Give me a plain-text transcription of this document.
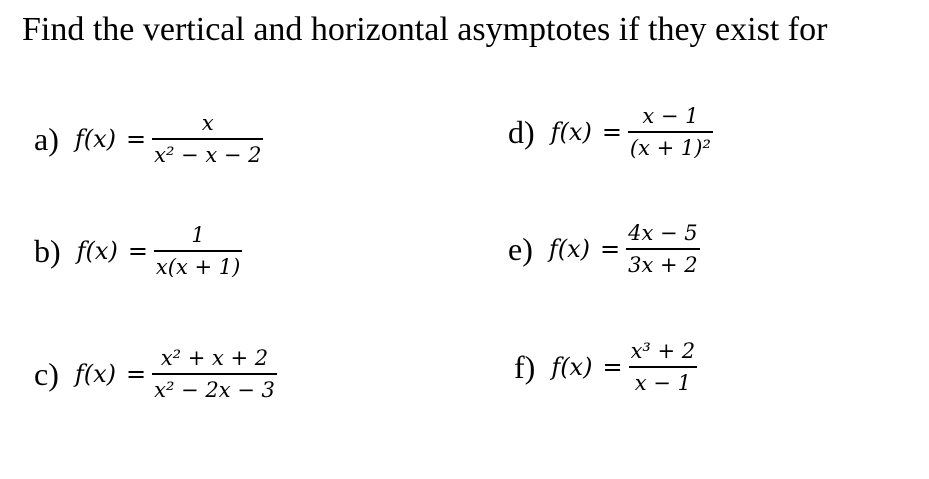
Find the vertical and horizontal asymptotes if they exist for
a) $f(x) = \frac{x}{\text{x² − x − 2}}$
b) $f(x) = \frac{1}{x(x + 1)}$
c) $f(x) = \frac{\text{x² + x + 2}}{\text{x² − 2x − 3}}$
d) $f(x) = \frac{x - 1}{\text{(x + 1)²}}$
e) $f(x) = \frac{4x - 5}{3x + 2}$
f) $f(x) = \frac{\text{x³ + 2}}{x - 1}$
